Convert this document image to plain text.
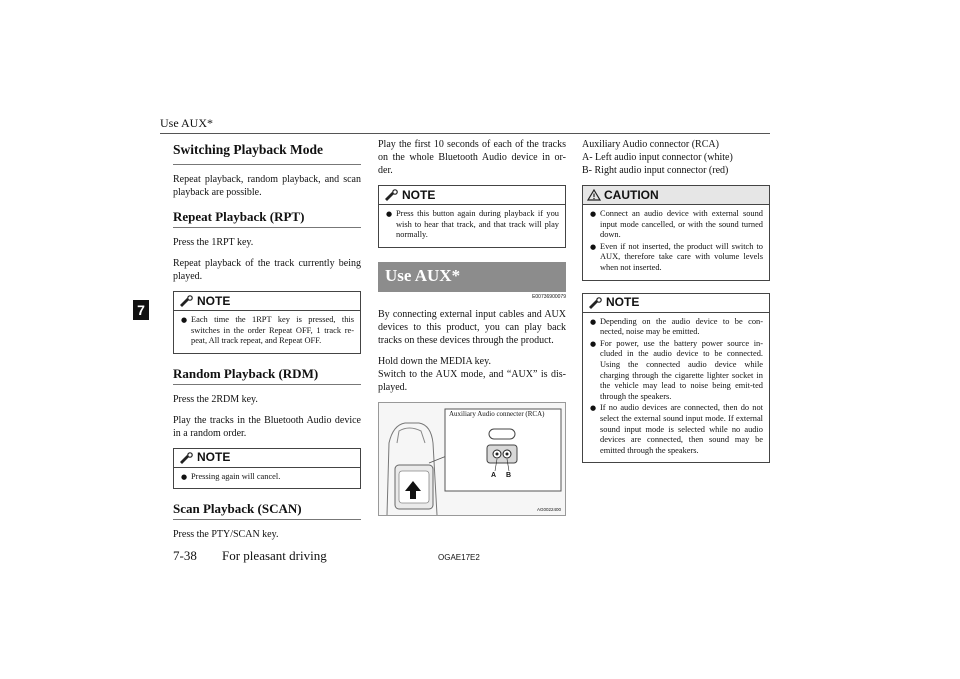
Use AUX*
7
Switching Playback Mode

Repeat playback, random playback, and scan playback are possible.

Repeat Playback (RPT)

Press the 1RPT key.

Repeat playback of the track currently being played.

NOTE
● Each time the 1RPT key is pressed, this switches in the order Repeat OFF, 1 track re-peat, All track repeat, and Repeat OFF.
Random Playback (RDM)

Press the 2RDM key.

Play the tracks in the Bluetooth Audio device in a random order.

NOTE
● Pressing again will cancel.
Scan Playback (SCAN)

Press the PTY/SCAN key.

Play the first 10 seconds of each of the tracks on the whole Bluetooth Audio device in or-der.

NOTE
● Press this button again during playback if you wish to hear that track, and that track will play normally.
Use AUX*
E00736900079

By connecting external input cables and AUX devices to this product, you can play back tracks on these devices through the product.

Hold down the MEDIA key.

Switch to the AUX mode, and “AUX” is dis-played.

Auxiliary Audio connecter (RCA)
A B
AG0022400

Auxiliary Audio connector (RCA)

A- Left audio input connector (white)

B- Right audio input connector (red)

CAUTION
● Connect an audio device with external sound input mode cancelled, or with the sound turned down.
● Even if not inserted, the product will switch to AUX, therefore take care with volume levels when not inserted.
NOTE
● Depending on the audio device to be con-nected, noise may be emitted.
● For power, use the battery power source in-cluded in the audio device to be connected. Using the connected audio device while charging through the cigarette lighter socket in the vehicle may lead to noise being emit-ted through the speakers.
● If no audio devices are connected, then do not select the external sound input mode. If external sound input mode is selected while no audio devices are connected, then sound may be emitted through the speakers.
7-38 For pleasant driving	OGAE17E2
